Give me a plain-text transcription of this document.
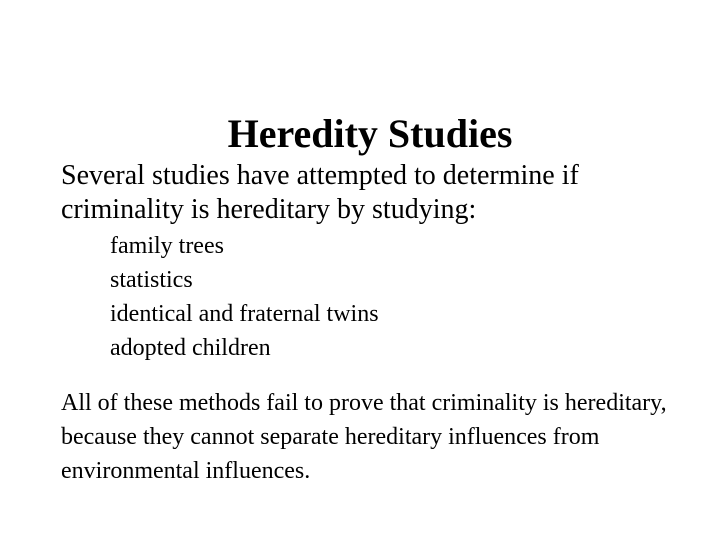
Heredity Studies

Several studies have attempted to determine if criminality is hereditary by studying:

family trees
statistics
identical and fraternal twins
adopted children

All of these methods fail to prove that criminality is hereditary, because they cannot separate hereditary influences from environmental influences.
